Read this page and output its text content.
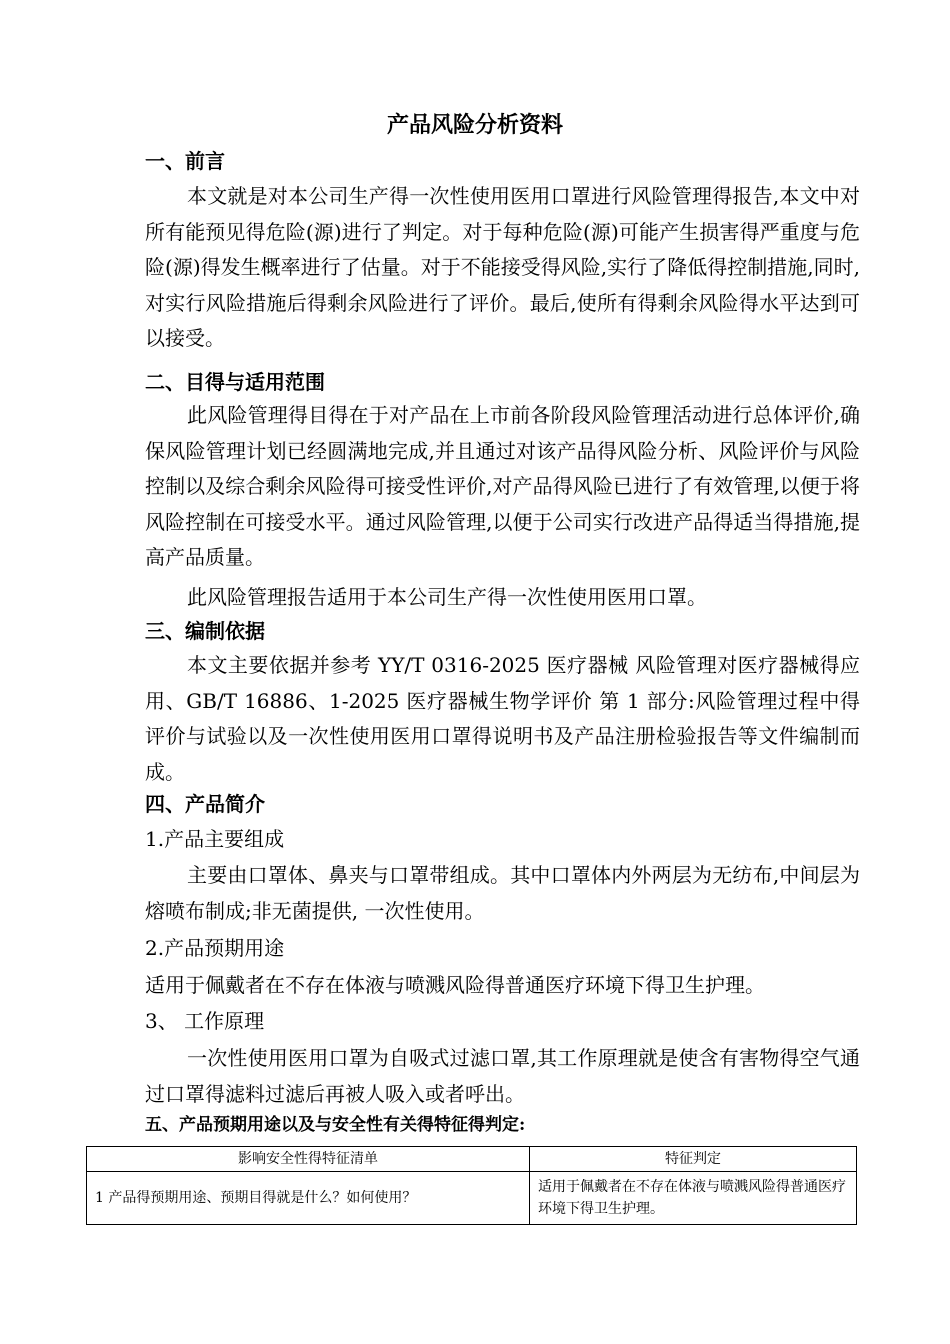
产品风险分析资料
一、前言

本文就是对本公司生产得一次性使用医用口罩进行风险管理得报告,本文中对所有能预见得危险(源)进行了判定。对于每种危险(源)可能产生损害得严重度与危险(源)得发生概率进行了估量。对于不能接受得风险,实行了降低得控制措施,同时,对实行风险措施后得剩余风险进行了评价。最后,使所有得剩余风险得水平达到可以接受。

二、目得与适用范围

此风险管理得目得在于对产品在上市前各阶段风险管理活动进行总体评价,确保风险管理计划已经圆满地完成,并且通过对该产品得风险分析、风险评价与风险控制以及综合剩余风险得可接受性评价,对产品得风险已进行了有效管理,以便于将风险控制在可接受水平。通过风险管理,以便于公司实行改进产品得适当得措施,提高产品质量。

此风险管理报告适用于本公司生产得一次性使用医用口罩。

三、编制依据

本文主要依据并参考 YY/T 0316-2025 医疗器械 风险管理对医疗器械得应用、GB/T 16886、1-2025 医疗器械生物学评价 第 1 部分:风险管理过程中得评价与试验以及一次性使用医用口罩得说明书及产品注册检验报告等文件编制而成。

四、产品简介
1.产品主要组成

主要由口罩体、鼻夹与口罩带组成。其中口罩体内外两层为无纺布,中间层为熔喷布制成;非无菌提供, 一次性使用。

2.产品预期用途

适用于佩戴者在不存在体液与喷溅风险得普通医疗环境下得卫生护理。

3、 工作原理

一次性使用医用口罩为自吸式过滤口罩,其工作原理就是使含有害物得空气通过口罩得滤料过滤后再被人吸入或者呼出。

五、产品预期用途以及与安全性有关得特征得判定:
影响安全性得特征清单	特征判定
1 产品得预期用途、预期目得就是什么？如何使用？	适用于佩戴者在不存在体液与喷溅风险得普通医疗环境下得卫生护理。
